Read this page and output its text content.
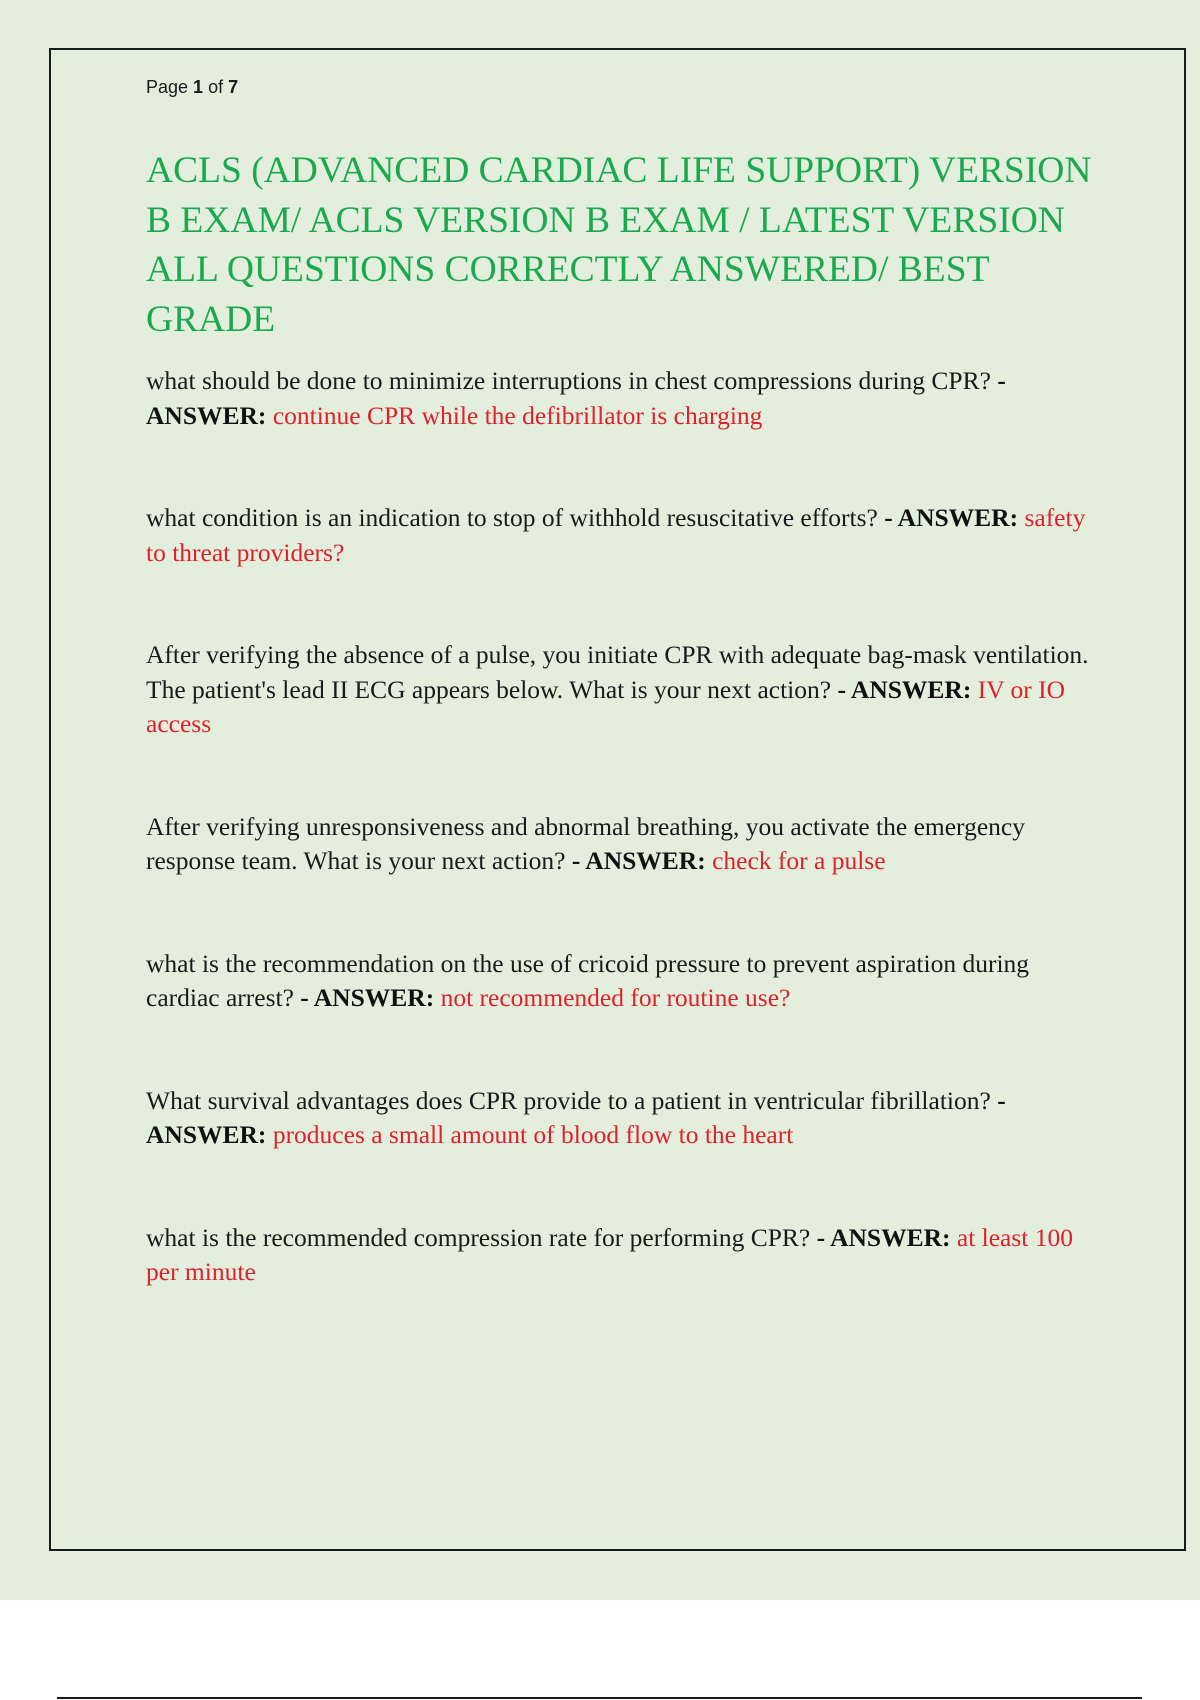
Page 1 of 7

ACLS (ADVANCED CARDIAC LIFE SUPPORT) VERSION B EXAM/ ACLS VERSION B EXAM / LATEST VERSION ALL QUESTIONS CORRECTLY ANSWERED/ BEST GRADE

what should be done to minimize interruptions in chest compressions during CPR? - ANSWER: continue CPR while the defibrillator is charging

what condition is an indication to stop of withhold resuscitative efforts? - ANSWER: safety to threat providers?

After verifying the absence of a pulse, you initiate CPR with adequate bag-mask ventilation. The patient's lead II ECG appears below. What is your next action? - ANSWER: IV or IO access

After verifying unresponsiveness and abnormal breathing, you activate the emergency response team. What is your next action? - ANSWER: check for a pulse

what is the recommendation on the use of cricoid pressure to prevent aspiration during cardiac arrest? - ANSWER: not recommended for routine use?

What survival advantages does CPR provide to a patient in ventricular fibrillation? - ANSWER: produces a small amount of blood flow to the heart

what is the recommended compression rate for performing CPR? - ANSWER: at least 100 per minute
